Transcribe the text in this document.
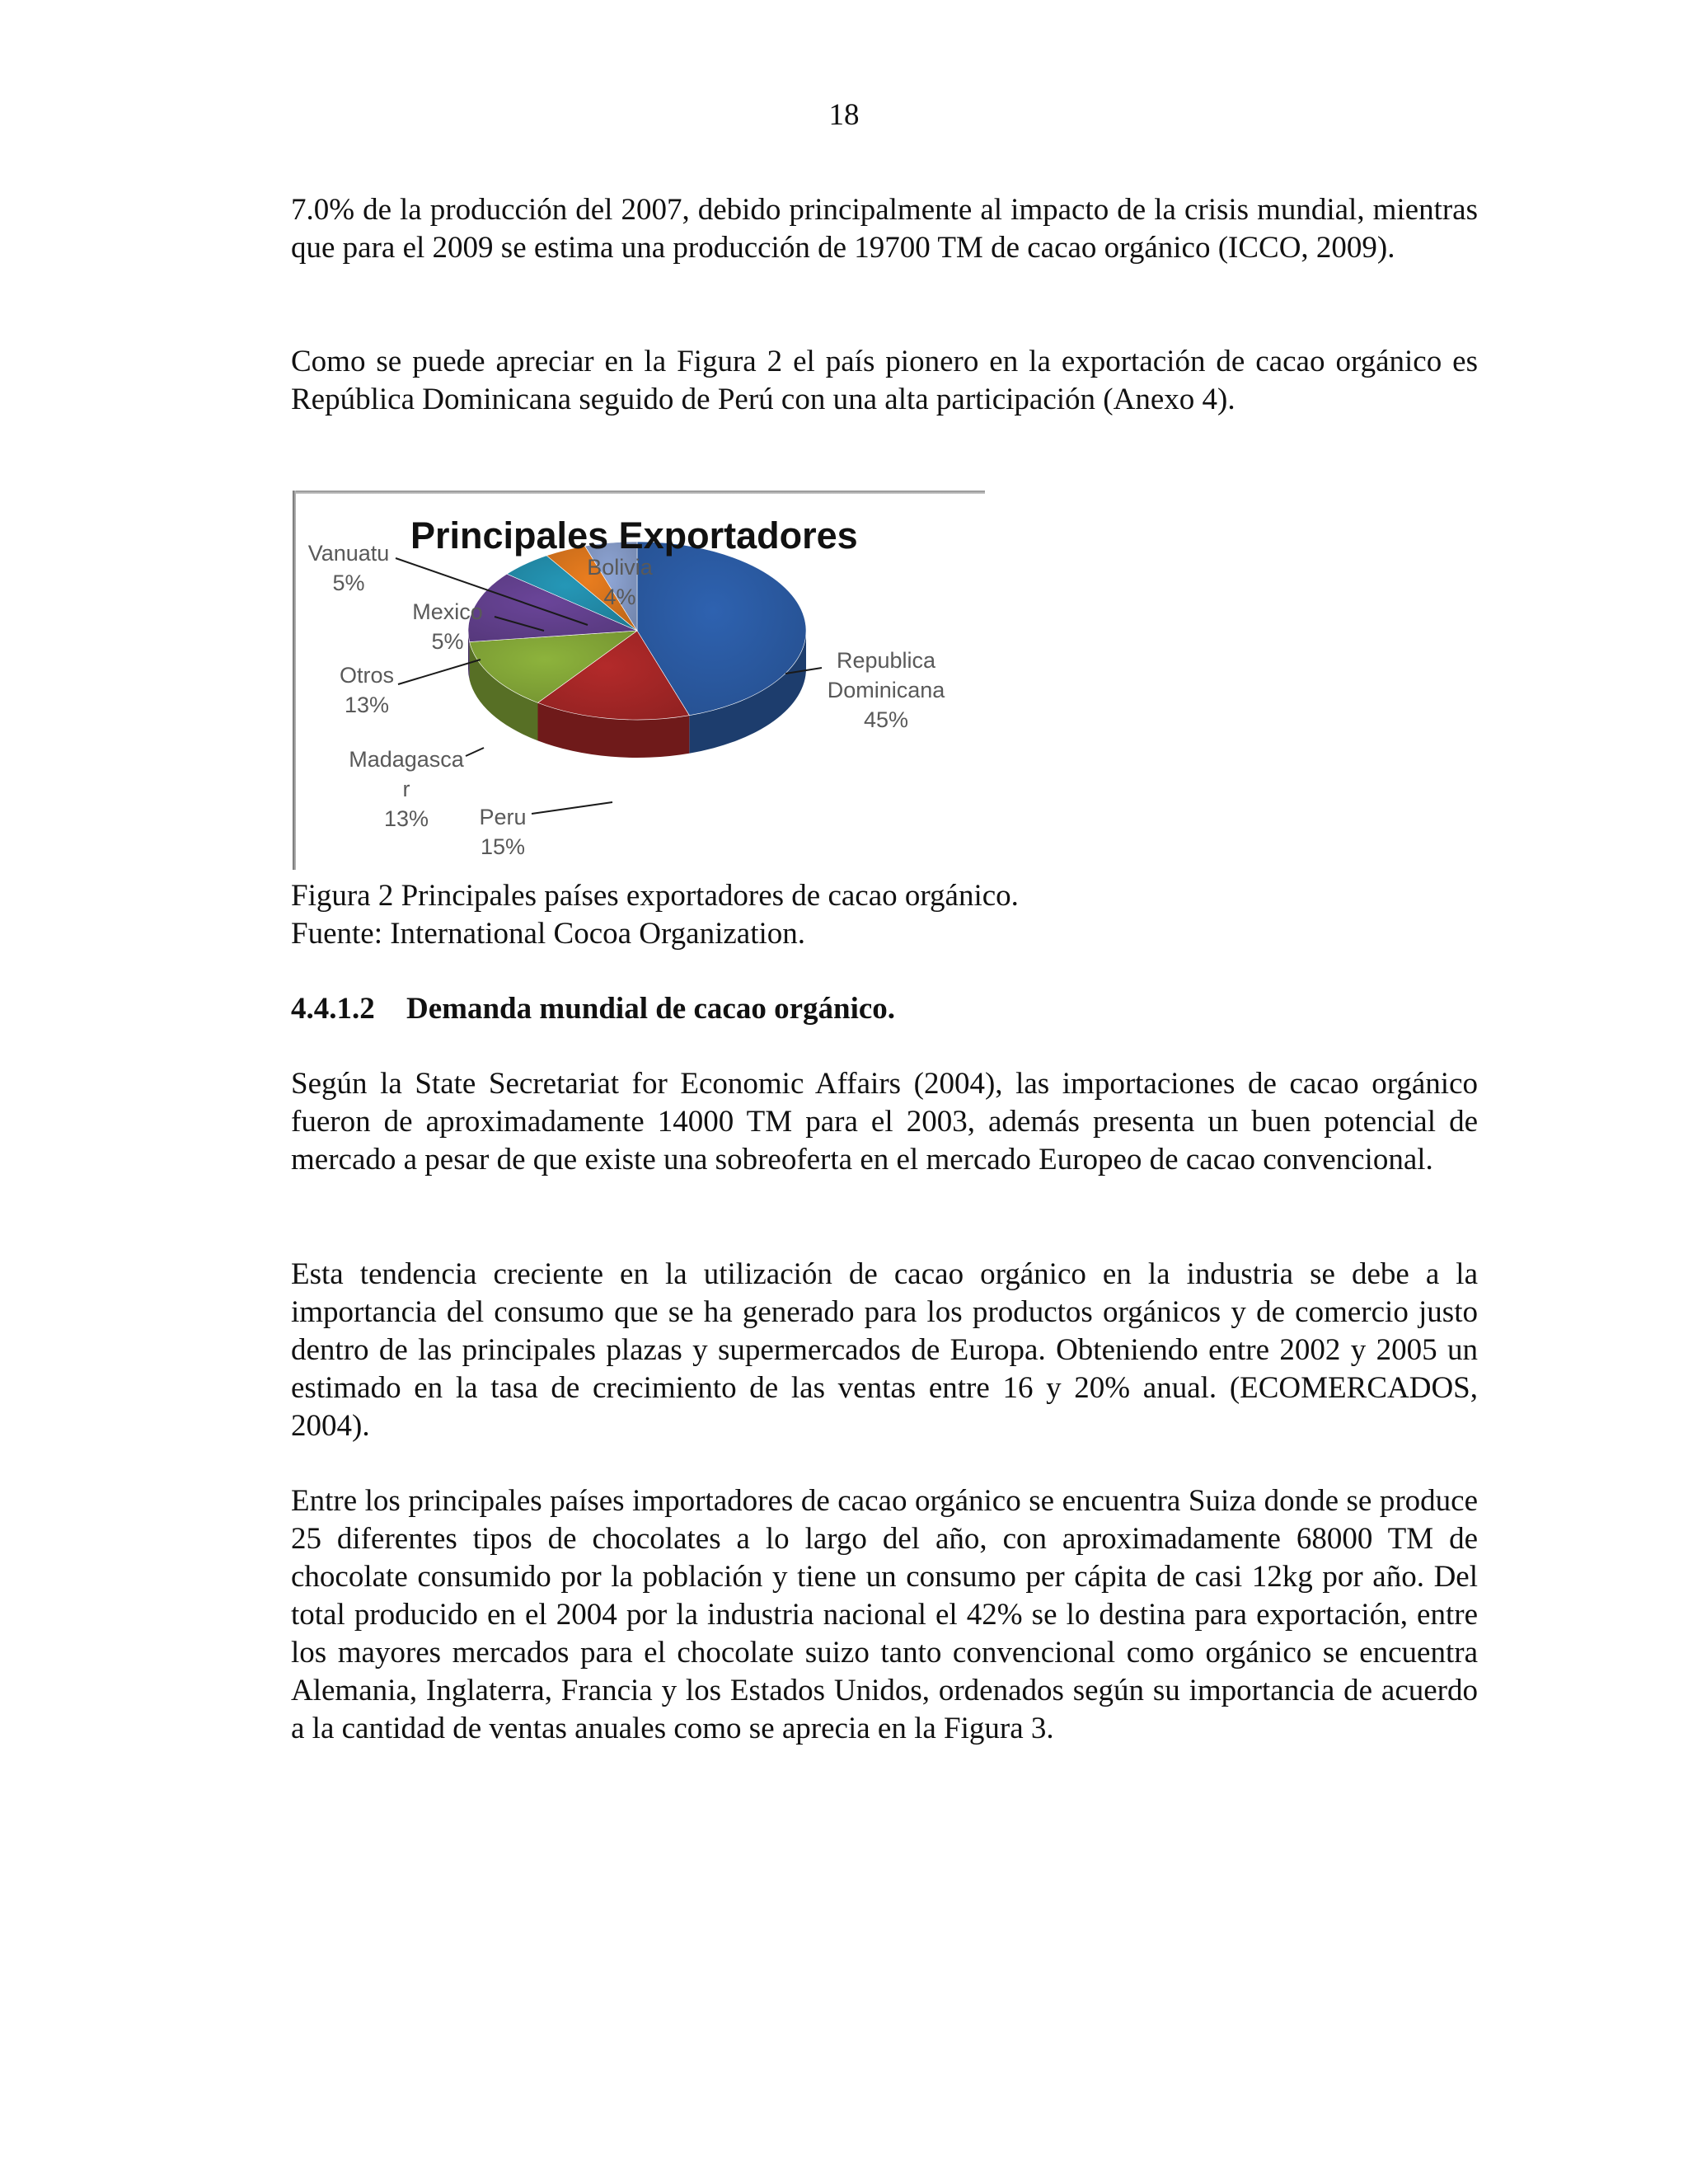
18

7.0% de la producción del 2007, debido principalmente al impacto de la crisis mundial, mientras que para el 2009 se estima una producción de 19700 TM de cacao orgánico (ICCO, 2009).

Como se puede apreciar en la Figura 2 el país pionero en la exportación de cacao orgánico es República Dominicana seguido de Perú con una alta participación (Anexo 4).

Republica Dominicana 45%
Peru 15%
Madagasca r 13%
Otros 13%
Mexico 5%
Bolivia 4%
Vanuatu 5%
Principales Exportadores

Figura 2 Principales países exportadores de cacao orgánico.
Fuente: International Cocoa Organization.

4.4.1.2 Demanda mundial de cacao orgánico.

Según la State Secretariat for Economic Affairs (2004), las importaciones de cacao orgánico fueron de aproximadamente 14000 TM para el 2003, además presenta un buen potencial de mercado a pesar de que existe una sobreoferta en el mercado Europeo de cacao convencional.

Esta tendencia creciente en la utilización de cacao orgánico en la industria se debe a la importancia del consumo que se ha generado para los productos orgánicos y de comercio justo dentro de las principales plazas y supermercados de Europa. Obteniendo entre 2002 y 2005 un estimado en la tasa de crecimiento de las ventas entre 16 y 20% anual. (ECOMERCADOS, 2004).

Entre los principales países importadores de cacao orgánico se encuentra Suiza donde se produce 25 diferentes tipos de chocolates a lo largo del año, con aproximadamente 68000 TM de chocolate consumido por la población y tiene un consumo per cápita de casi 12kg por año. Del total producido en el 2004 por la industria nacional el 42% se lo destina para exportación, entre los mayores mercados para el chocolate suizo tanto convencional como orgánico se encuentra Alemania, Inglaterra, Francia y los Estados Unidos, ordenados según su importancia de acuerdo a la cantidad de ventas anuales como se aprecia en la Figura 3.
